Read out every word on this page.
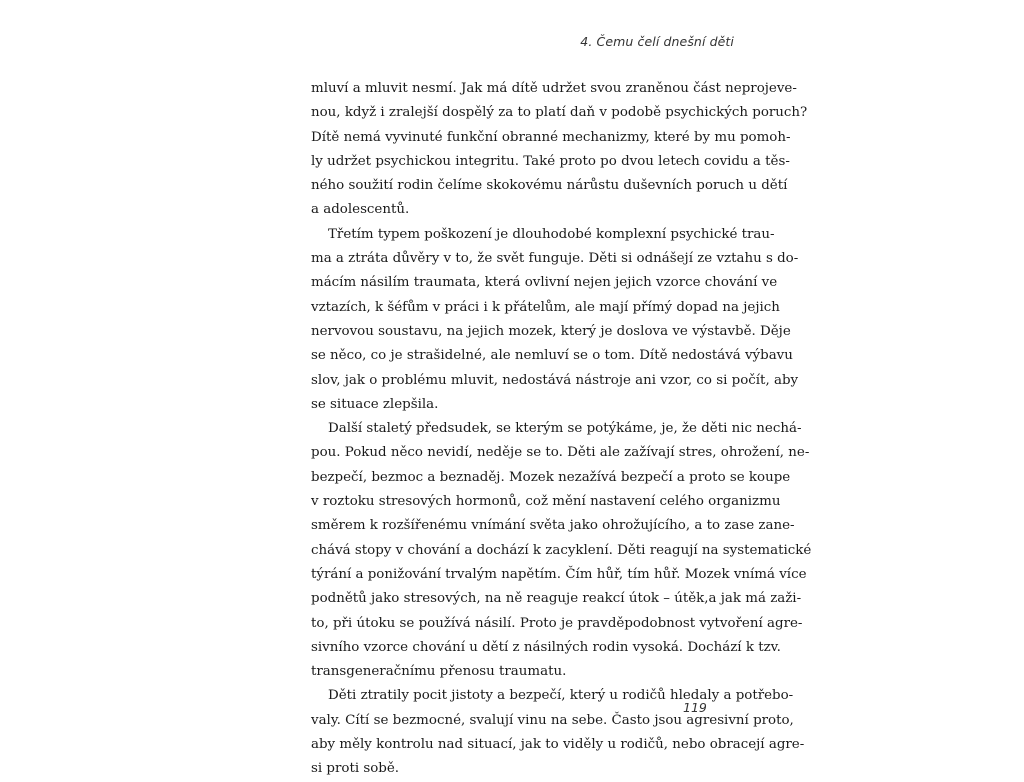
4. Čemu čelí dnešní děti
mluví a mluvit nesmí. Jak má dítě udržet svou zraněnou část neprojeve-
nou, když i zralejší dospělý za to platí daň v podobě psychických poruch?
Dítě nemá vyvinuté funkční obranné mechanizmy, které by mu pomoh-
ly udržet psychickou integritu. Také proto po dvou letech covidu a těs-
ného soužití rodin čelíme skokovému nárůstu duševních poruch u dětí
a adolescentů.
Třetím typem poškození je dlouhodobé komplexní psychické trau-
ma a ztráta důvěry v to, že svět funguje. Děti si odnášejí ze vztahu s do-
mácím násilím traumata, která ovlivní nejen jejich vzorce chování ve
vztazích, k šéfům v práci i k přátelům, ale mají přímý dopad na jejich
nervovou soustavu, na jejich mozek, který je doslova ve výstavbě. Děje
se něco, co je strašidelné, ale nemluví se o tom. Dítě nedostává výbavu
slov, jak o problému mluvit, nedostává nástroje ani vzor, co si počít, aby
se situace zlepšila.
Další staletý předsudek, se kterým se potýkáme, je, že děti nic nechá-
pou. Pokud něco nevidí, neděje se to. Děti ale zažívají stres, ohrožení, ne-
bezpečí, bezmoc a beznaděj. Mozek nezažívá bezpečí a proto se koupe
v roztoku stresových hormonů, což mění nastavení celého organizmu
směrem k rozšířenému vnímání světa jako ohrožujícího, a to zase zane-
chává stopy v chování a dochází k zacyklení. Děti reagují na systematické
týrání a ponižování trvalým napětím. Čím hůř, tím hůř. Mozek vnímá více
podnětů jako stresových, na ně reaguje reakcí útok – útěk,a jak má zaži-
to, při útoku se používá násilí. Proto je pravděpodobnost vytvoření agre-
sivního vzorce chování u dětí z násilných rodin vysoká. Dochází k tzv.
transgeneračnímu přenosu traumatu.
Děti ztratily pocit jistoty a bezpečí, který u rodičů hledaly a potřebo-
valy. Cítí se bezmocné, svalují vinu na sebe. Často jsou agresivní proto,
aby měly kontrolu nad situací, jak to viděly u rodičů, nebo obracejí agre-
si proti sobě.
119
